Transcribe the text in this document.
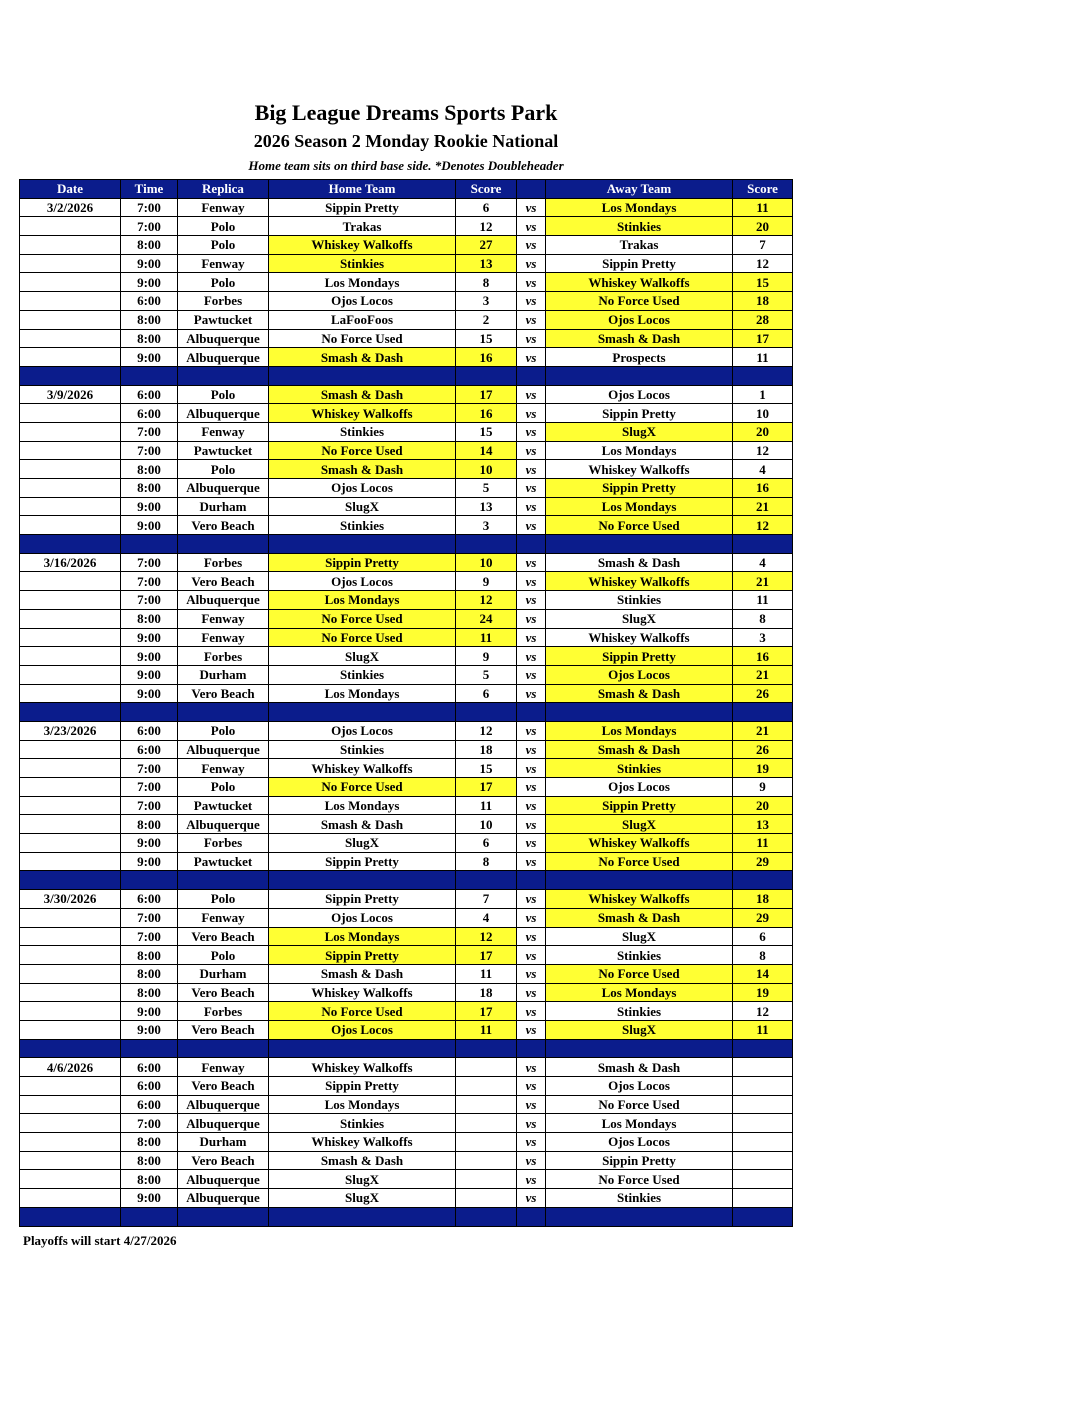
Big League Dreams Sports Park
2026 Season 2 Monday Rookie National
Home team sits on third base side. *Denotes Doubleheader
Date	Time	Replica	Home Team	Score		Away Team	Score
3/2/2026	7:00	Fenway	Sippin Pretty	6	vs	Los Mondays	11
	7:00	Polo	Trakas	12	vs	Stinkies	20
	8:00	Polo	Whiskey Walkoffs	27	vs	Trakas	7
	9:00	Fenway	Stinkies	13	vs	Sippin Pretty	12
	9:00	Polo	Los Mondays	8	vs	Whiskey Walkoffs	15
	6:00	Forbes	Ojos Locos	3	vs	No Force Used	18
	8:00	Pawtucket	LaFooFoos	2	vs	Ojos Locos	28
	8:00	Albuquerque	No Force Used	15	vs	Smash & Dash	17
	9:00	Albuquerque	Smash & Dash	16	vs	Prospects	11

3/9/2026	6:00	Polo	Smash & Dash	17	vs	Ojos Locos	1
	6:00	Albuquerque	Whiskey Walkoffs	16	vs	Sippin Pretty	10
	7:00	Fenway	Stinkies	15	vs	SlugX	20
	7:00	Pawtucket	No Force Used	14	vs	Los Mondays	12
	8:00	Polo	Smash & Dash	10	vs	Whiskey Walkoffs	4
	8:00	Albuquerque	Ojos Locos	5	vs	Sippin Pretty	16
	9:00	Durham	SlugX	13	vs	Los Mondays	21
	9:00	Vero Beach	Stinkies	3	vs	No Force Used	12

3/16/2026	7:00	Forbes	Sippin Pretty	10	vs	Smash & Dash	4
	7:00	Vero Beach	Ojos Locos	9	vs	Whiskey Walkoffs	21
	7:00	Albuquerque	Los Mondays	12	vs	Stinkies	11
	8:00	Fenway	No Force Used	24	vs	SlugX	8
	9:00	Fenway	No Force Used	11	vs	Whiskey Walkoffs	3
	9:00	Forbes	SlugX	9	vs	Sippin Pretty	16
	9:00	Durham	Stinkies	5	vs	Ojos Locos	21
	9:00	Vero Beach	Los Mondays	6	vs	Smash & Dash	26

3/23/2026	6:00	Polo	Ojos Locos	12	vs	Los Mondays	21
	6:00	Albuquerque	Stinkies	18	vs	Smash & Dash	26
	7:00	Fenway	Whiskey Walkoffs	15	vs	Stinkies	19
	7:00	Polo	No Force Used	17	vs	Ojos Locos	9
	7:00	Pawtucket	Los Mondays	11	vs	Sippin Pretty	20
	8:00	Albuquerque	Smash & Dash	10	vs	SlugX	13
	9:00	Forbes	SlugX	6	vs	Whiskey Walkoffs	11
	9:00	Pawtucket	Sippin Pretty	8	vs	No Force Used	29

3/30/2026	6:00	Polo	Sippin Pretty	7	vs	Whiskey Walkoffs	18
	7:00	Fenway	Ojos Locos	4	vs	Smash & Dash	29
	7:00	Vero Beach	Los Mondays	12	vs	SlugX	6
	8:00	Polo	Sippin Pretty	17	vs	Stinkies	8
	8:00	Durham	Smash & Dash	11	vs	No Force Used	14
	8:00	Vero Beach	Whiskey Walkoffs	18	vs	Los Mondays	19
	9:00	Forbes	No Force Used	17	vs	Stinkies	12
	9:00	Vero Beach	Ojos Locos	11	vs	SlugX	11

4/6/2026	6:00	Fenway	Whiskey Walkoffs		vs	Smash & Dash	
	6:00	Vero Beach	Sippin Pretty		vs	Ojos Locos	
	6:00	Albuquerque	Los Mondays		vs	No Force Used	
	7:00	Albuquerque	Stinkies		vs	Los Mondays	
	8:00	Durham	Whiskey Walkoffs		vs	Ojos Locos	
	8:00	Vero Beach	Smash & Dash		vs	Sippin Pretty	
	8:00	Albuquerque	SlugX		vs	No Force Used	
	9:00	Albuquerque	SlugX		vs	Stinkies	

Playoffs will start 4/27/2026
